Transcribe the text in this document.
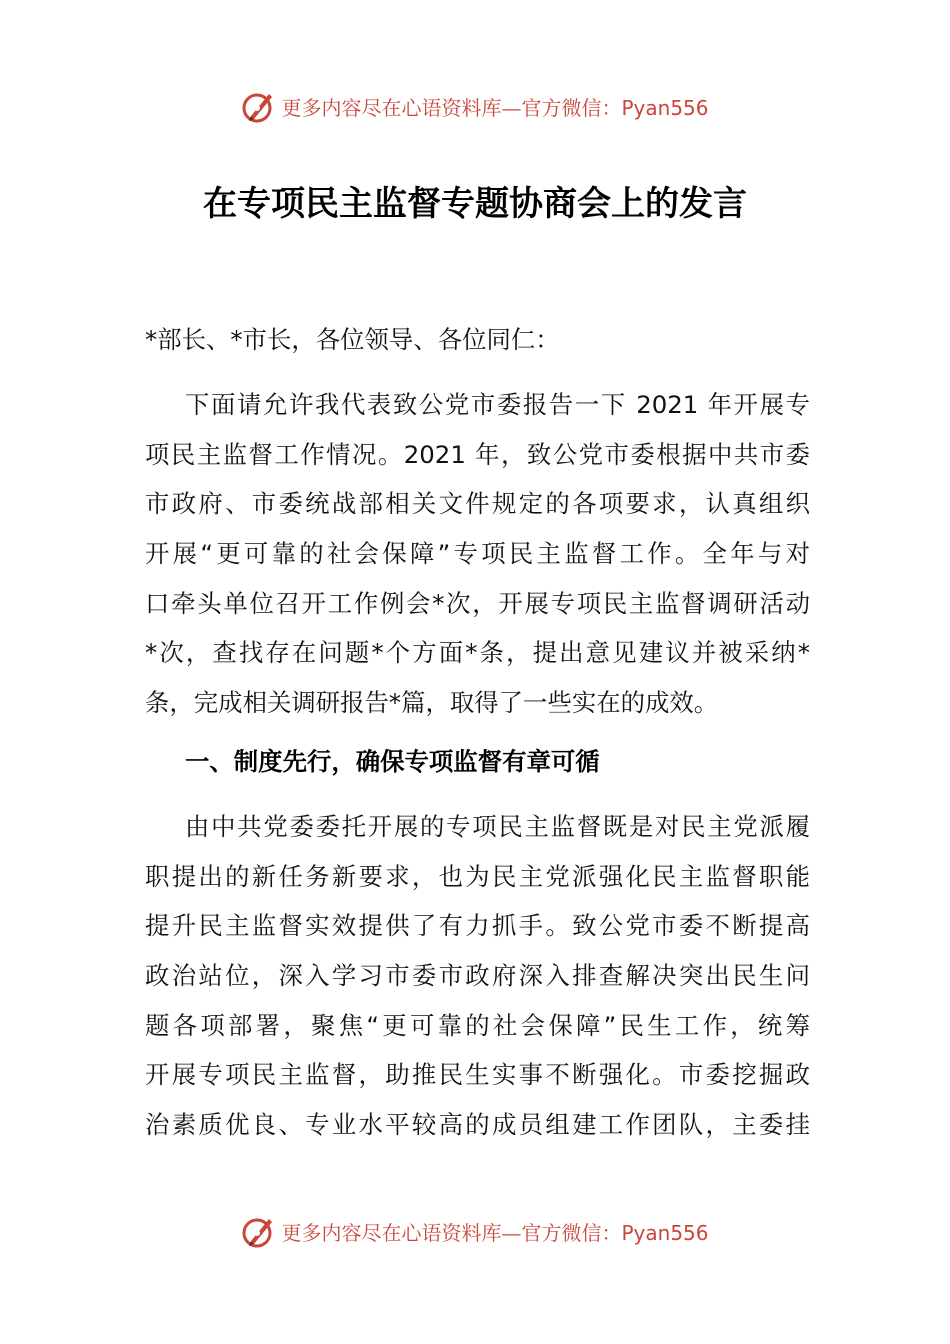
更多内容尽在心语资料库—官方微信：Pyan556
在专项民主监督专题协商会上的发言
*部长、*市长，各位领导、各位同仁：
下面请允许我代表致公党市委报告一下 2021 年开展专
项民主监督工作情况。2021 年，致公党市委根据中共市委
市政府、市委统战部相关文件规定的各项要求，认真组织
开展“更可靠的社会保障”专项民主监督工作。全年与对
口牵头单位召开工作例会*次，开展专项民主监督调研活动
*次，查找存在问题*个方面*条，提出意见建议并被采纳*
条，完成相关调研报告*篇，取得了一些实在的成效。
一、制度先行，确保专项监督有章可循
由中共党委委托开展的专项民主监督既是对民主党派履
职提出的新任务新要求，也为民主党派强化民主监督职能
提升民主监督实效提供了有力抓手。致公党市委不断提高
政治站位，深入学习市委市政府深入排查解决突出民生问
题各项部署，聚焦“更可靠的社会保障”民生工作，统筹
开展专项民主监督，助推民生实事不断强化。市委挖掘政
治素质优良、专业水平较高的成员组建工作团队，主委挂
更多内容尽在心语资料库—官方微信：Pyan556
